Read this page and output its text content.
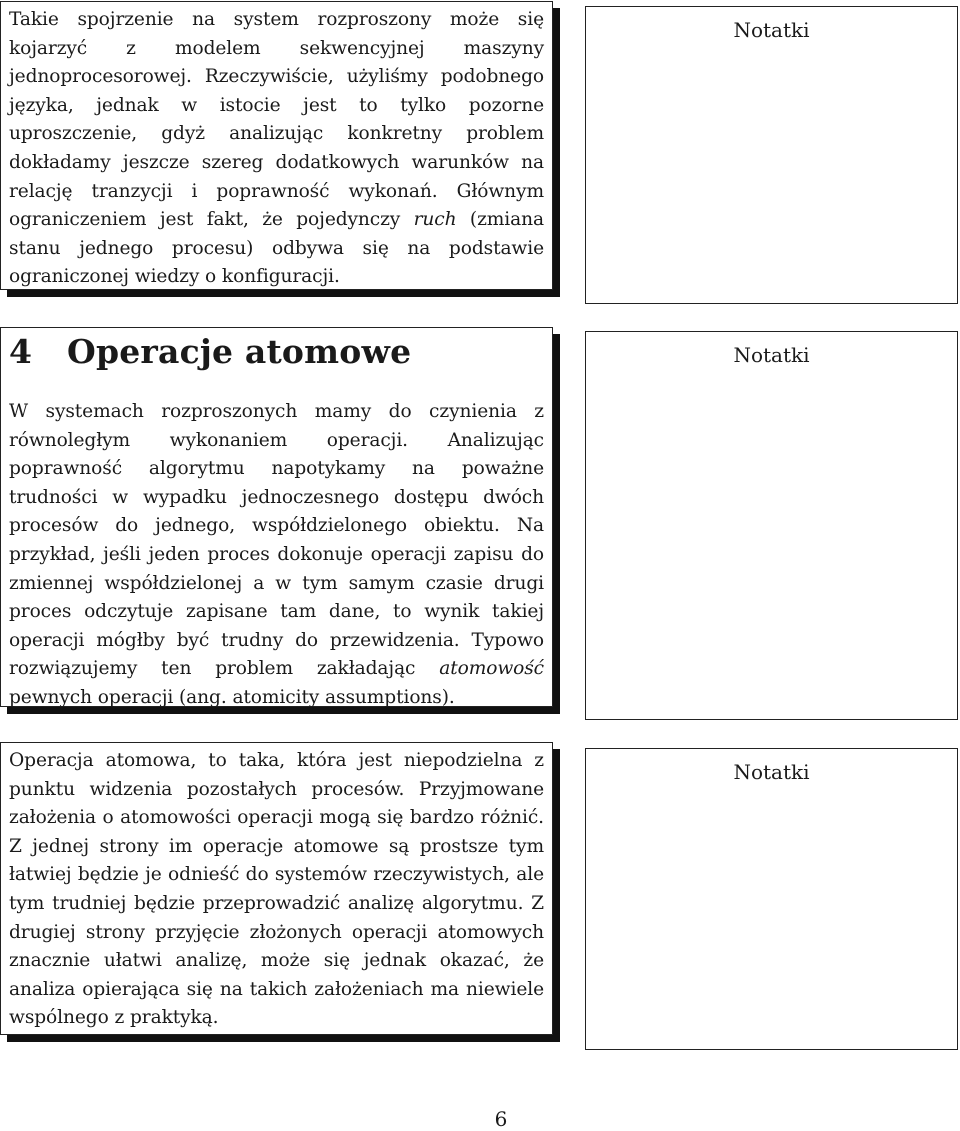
Takie spojrzenie na system rozproszony może się kojarzyć z modelem sekwencyjnej maszyny jednoprocesorowej. Rzeczywiście, użyliśmy podobnego języka, jednak w istocie jest to tylko pozorne uproszczenie, gdyż analizując konkretny problem dokładamy jeszcze szereg dodatkowych warunków na relację tranzycji i poprawność wykonań. Głównym ograniczeniem jest fakt, że pojedynczy ruch (zmiana stanu jednego procesu) odbywa się na podstawie ograniczonej wiedzy o konfiguracji.

Notatki
4 Operacje atomowe

W systemach rozproszonych mamy do czynienia z równoległym wykonaniem operacji. Analizując poprawność algorytmu napotykamy na poważne trudności w wypadku jednoczesnego dostępu dwóch procesów do jednego, współdzielonego obiektu. Na przykład, jeśli jeden proces dokonuje operacji zapisu do zmiennej współdzielonej a w tym samym czasie drugi proces odczytuje zapisane tam dane, to wynik takiej operacji mógłby być trudny do przewidzenia. Typowo rozwiązujemy ten problem zakładając atomowość pewnych operacji (ang. atomicity assumptions).

Notatki

Operacja atomowa, to taka, która jest niepodzielna z punktu widzenia pozostałych procesów. Przyjmowane założenia o atomowości operacji mogą się bardzo różnić. Z jednej strony im operacje atomowe są prostsze tym łatwiej będzie je odnieść do systemów rzeczywistych, ale tym trudniej będzie przeprowadzić analizę algorytmu. Z drugiej strony przyjęcie złożonych operacji atomowych znacznie ułatwi analizę, może się jednak okazać, że analiza opierająca się na takich założeniach ma niewiele wspólnego z praktyką.

Notatki
6
